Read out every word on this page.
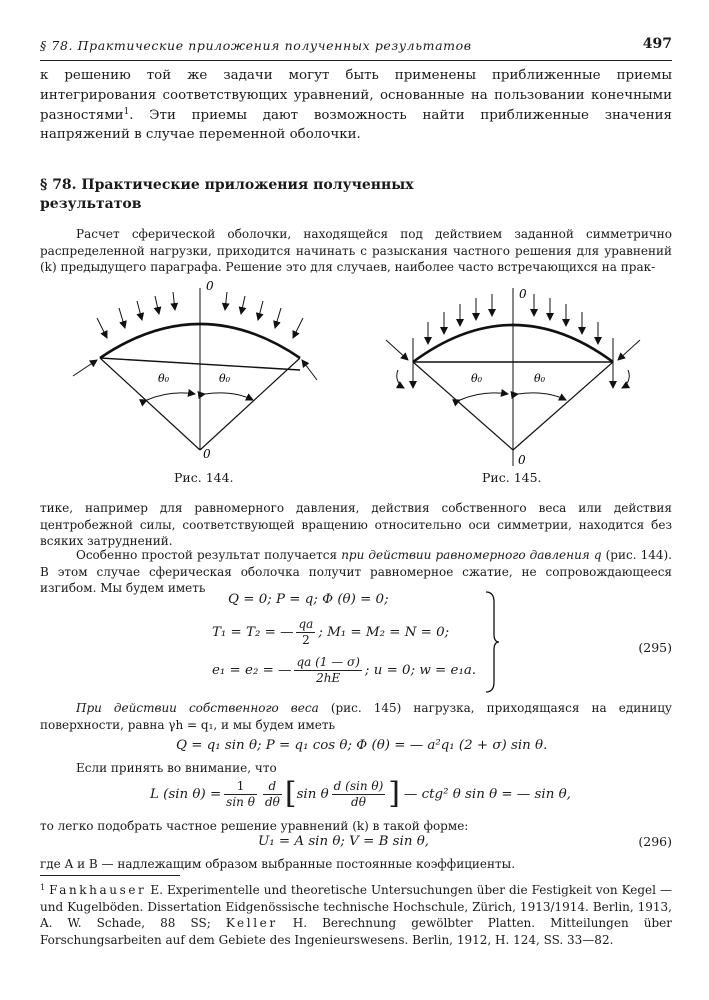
§ 78. Практические приложения полученных результатов	497

к решению той же задачи могут быть применены приближенные приемы интегрирования соответствующих уравнений, основанные на пользовании конечными разностями$^1$. Эти приемы дают возможность найти приближенные значения напряжений в случае переменной оболочки.

§ 78. Практические приложения полученных результатов

Расчет сферической оболочки, находящейся под действием заданной симметрично распределенной нагрузки, приходится начинать с разыскания частного решения для уравнений (k) предыдущего параграфа. Решение это для случаев, наиболее часто встречающихся на прак-

0
0
θ₀	θ₀
Рис. 144.
0
0
θ₀	θ₀
Рис. 145.

тике, например для равномерного давления, действия собственного веса или действия центробежной силы, соответствующей вращению относительно оси симметрии, находится без всяких затруднений.

Особенно простой результат получается при действии равномерного давления q (рис. 144). В этом случае сферическая оболочка получит равномерное сжатие, не сопровождающееся изгибом. Мы будем иметь

Q = 0; P = q; Φ (θ) = 0;
T₁ = T₂ = — $\frac{qa}{2}$ ; M₁ = M₂ = N = 0;
e₁ = e₂ = — $\frac{qa (1 — \sigma)}{2hE}$ ; u = 0; w = e₁a.
(295)

При действии собственного веса (рис. 145) нагрузка, приходящаяся на единицу поверхности, равна γh = q₁, и мы будем иметь

Q = q₁ sin θ; P = q₁ cos θ; Φ (θ) = — a²q₁ (2 + σ) sin θ.

Если принять во внимание, что

L (sin $\theta) = \frac{1}{\text{sin θ}} \frac{d}{d\theta}$ [ sin θ $\frac{\text{d (sin θ)}}{d\theta}$ ] — ctg² θ sin θ = — sin θ,

то легко подобрать частное решение уравнений (k) в такой форме:

U₁ = A sin θ; V = B sin θ,	(296)

где A и B — надлежащим образом выбранные постоянные коэффициенты.

$^1$ Fankhauser E. Experimentelle und theoretische Untersuchungen über die Festigkeit von Kegel — und Kugelböden. Dissertation Eidgenössische technische Hochschule, Zürich, 1913/1914. Berlin, 1913, A. W. Schade, 88 SS; Keller H. Berechnung gewölbter Platten. Mitteilungen über Forschungsarbeiten auf dem Gebiete des Ingenieurswesens. Berlin, 1912, H. 124, SS. 33—82.
